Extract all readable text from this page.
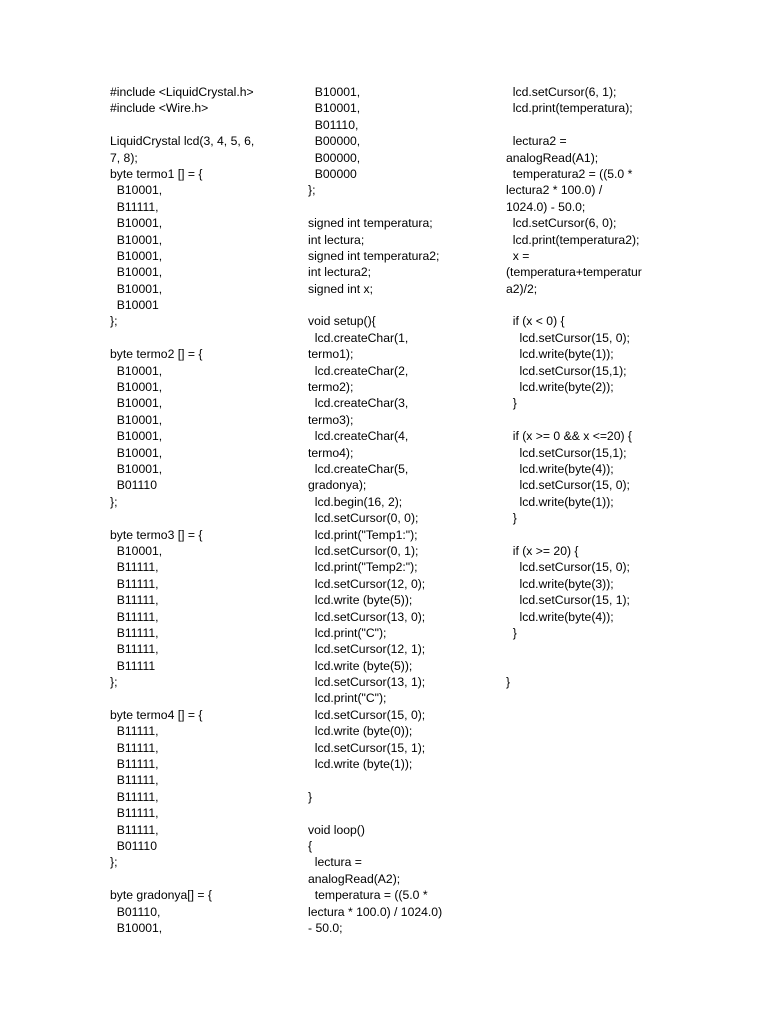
#include <LiquidCrystal.h>
#include <Wire.h>

LiquidCrystal lcd(3, 4, 5, 6,
7, 8);
byte termo1 [] = {
B10001,
B11111,
B10001,
B10001,
B10001,
B10001,
B10001,
B10001
};

byte termo2 [] = {
B10001,
B10001,
B10001,
B10001,
B10001,
B10001,
B10001,
B01110
};

byte termo3 [] = {
B10001,
B11111,
B11111,
B11111,
B11111,
B11111,
B11111,
B11111
};

byte termo4 [] = {
B11111,
B11111,
B11111,
B11111,
B11111,
B11111,
B11111,
B01110
};

byte gradonya[] = {
B01110,
B10001,
B10001,
B10001,
B01110,
B00000,
B00000,
B00000
};

signed int temperatura;
int lectura;
signed int temperatura2;
int lectura2;
signed int x;

void setup(){
lcd.createChar(1,
termo1);
lcd.createChar(2,
termo2);
lcd.createChar(3,
termo3);
lcd.createChar(4,
termo4);
lcd.createChar(5,
gradonya);
lcd.begin(16, 2);
lcd.setCursor(0, 0);
lcd.print("Temp1:");
lcd.setCursor(0, 1);
lcd.print("Temp2:");
lcd.setCursor(12, 0);
lcd.write (byte(5));
lcd.setCursor(13, 0);
lcd.print("C");
lcd.setCursor(12, 1);
lcd.write (byte(5));
lcd.setCursor(13, 1);
lcd.print("C");
lcd.setCursor(15, 0);
lcd.write (byte(0));
lcd.setCursor(15, 1);
lcd.write (byte(1));

}

void loop()
{
lectura =
analogRead(A2);
temperatura = ((5.0 *
lectura * 100.0) / 1024.0)
- 50.0;
lcd.setCursor(6, 1);
lcd.print(temperatura);

lectura2 =
analogRead(A1);
temperatura2 = ((5.0 *
lectura2 * 100.0) /
1024.0) - 50.0;
lcd.setCursor(6, 0);
lcd.print(temperatura2);
x =
(temperatura+temperatur
a2)/2;

if (x < 0) {
lcd.setCursor(15, 0);
lcd.write(byte(1));
lcd.setCursor(15,1);
lcd.write(byte(2));
}

if (x >= 0 && x <=20) {
lcd.setCursor(15,1);
lcd.write(byte(4));
lcd.setCursor(15, 0);
lcd.write(byte(1));
}

if (x >= 20) {
lcd.setCursor(15, 0);
lcd.write(byte(3));
lcd.setCursor(15, 1);
lcd.write(byte(4));
}

}
